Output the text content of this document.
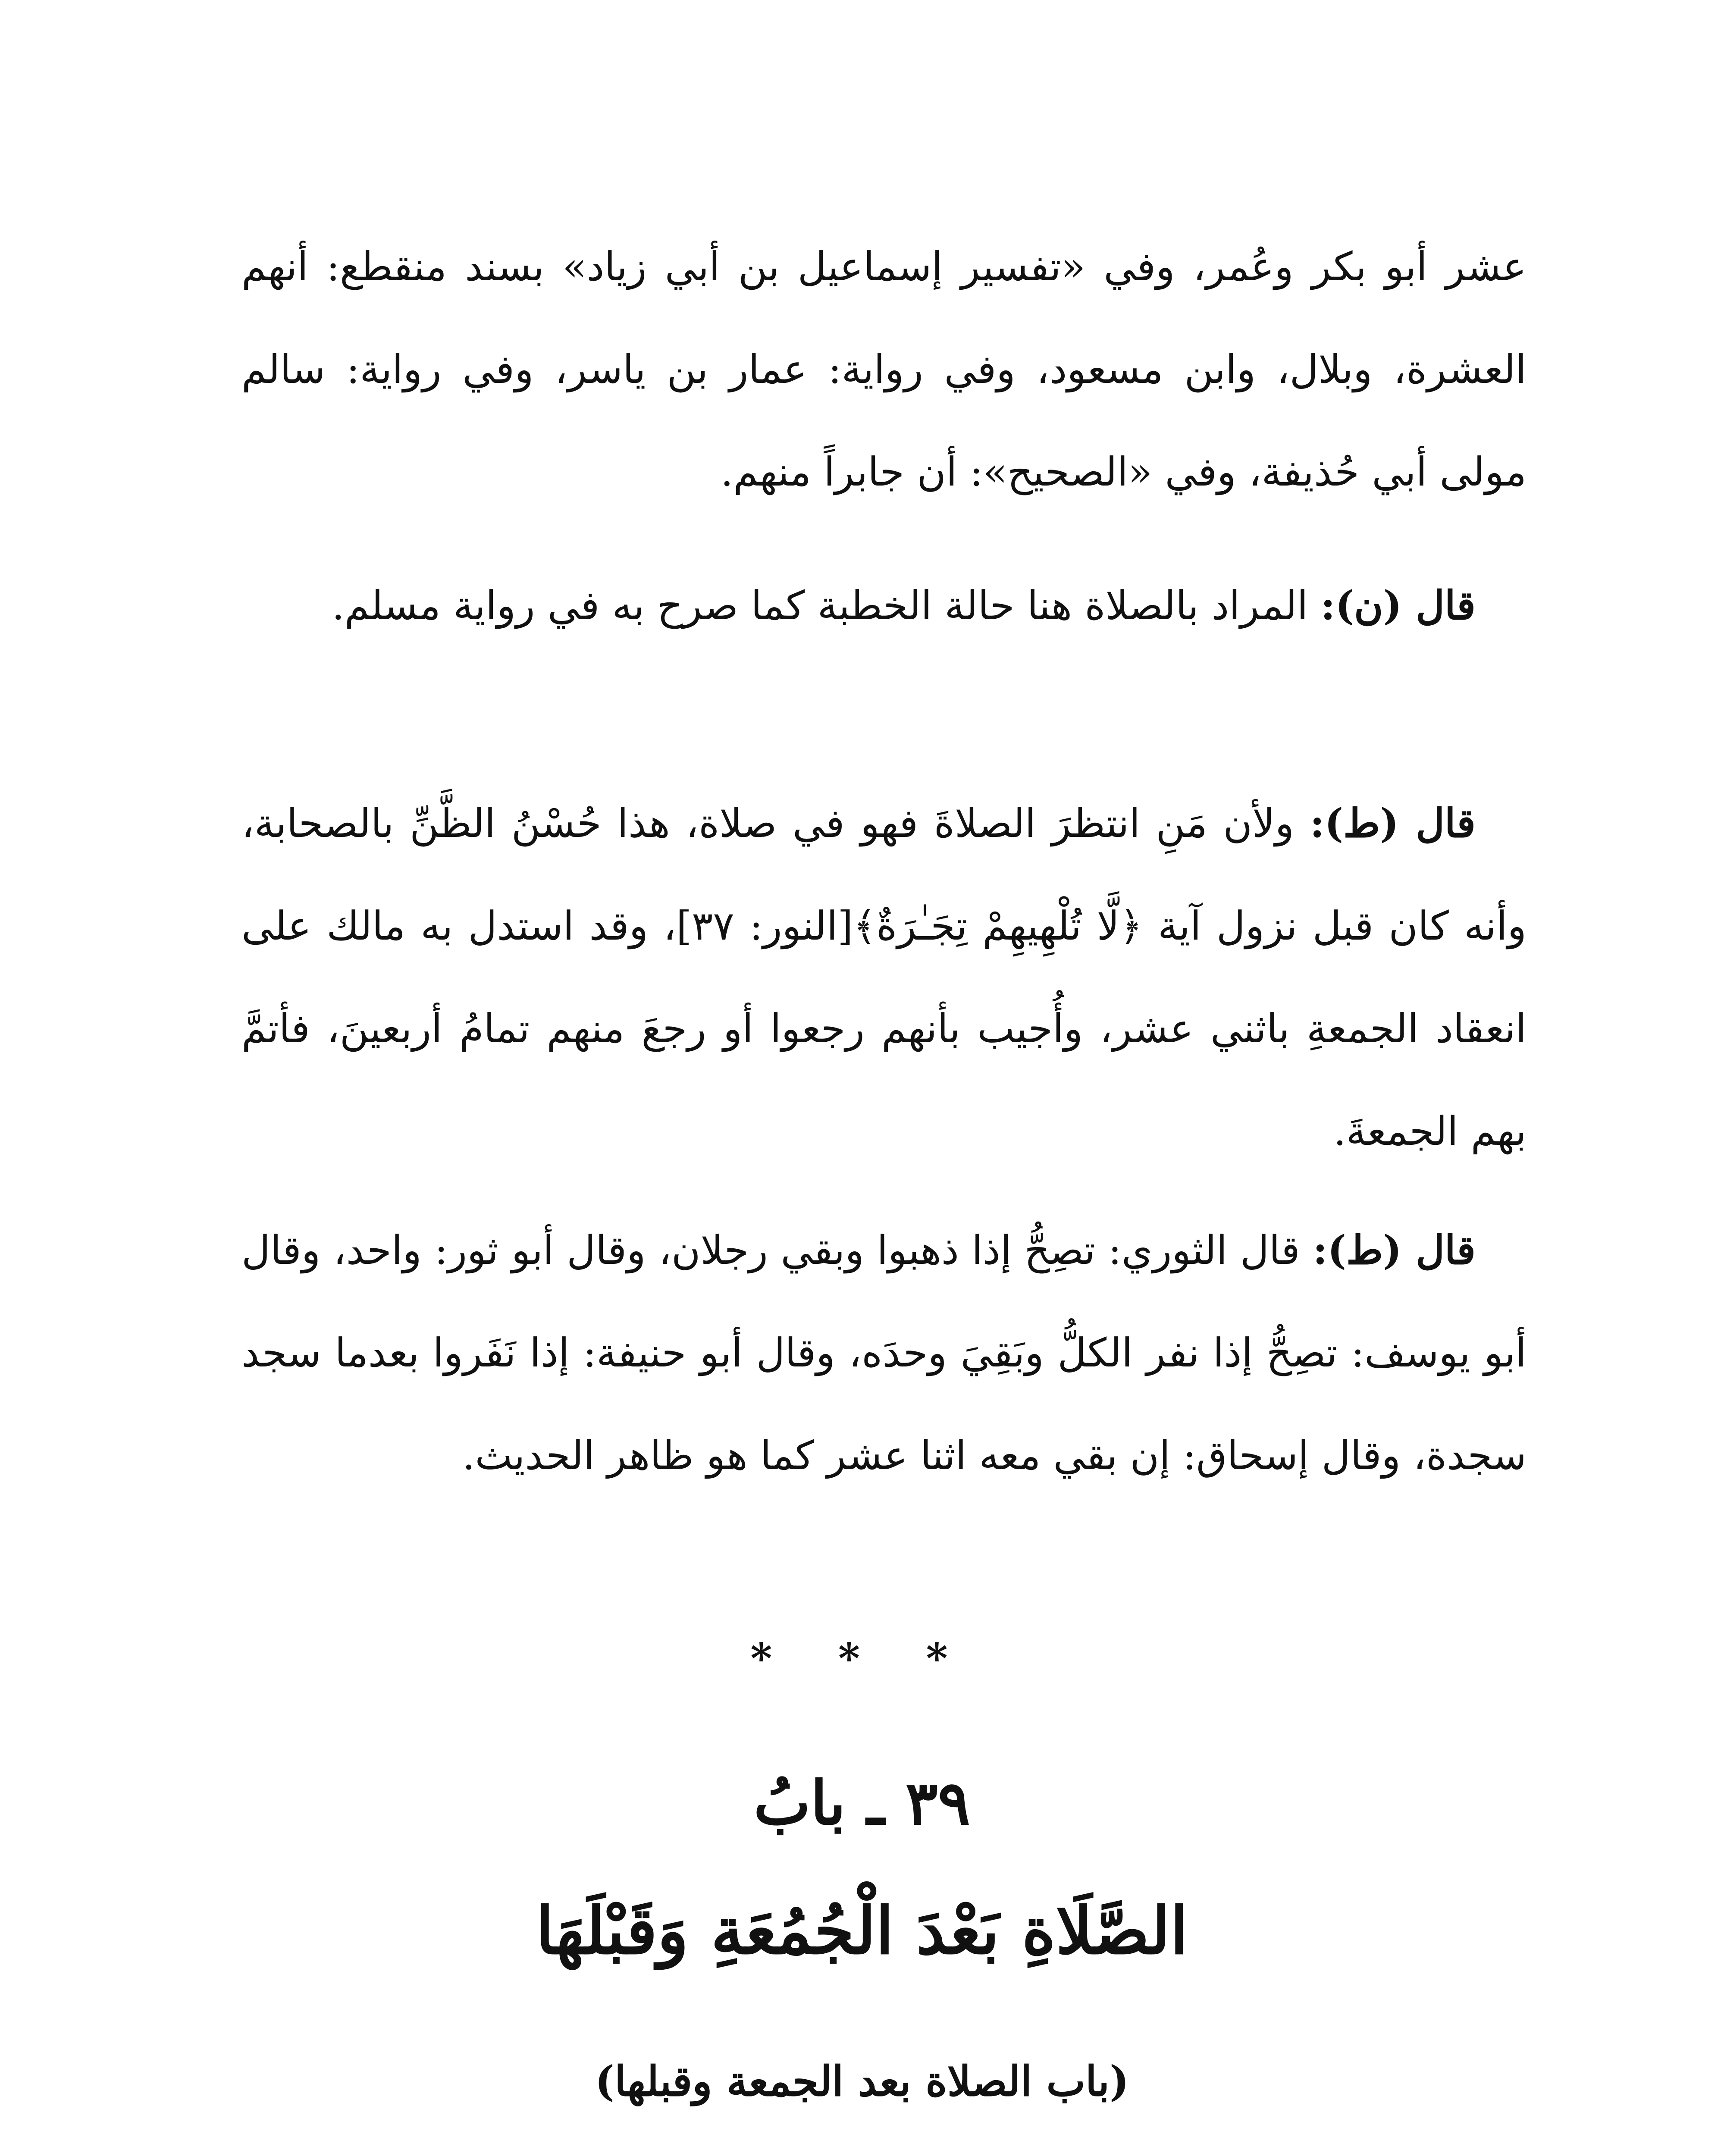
عشر أبو بكر وعُمر، وفي «تفسير إسماعيل بن أبي زياد» بسند منقطع: أنهم العشرة، وبلال، وابن مسعود، وفي رواية: عمار بن ياسر، وفي رواية: سالم مولى أبي حُذيفة، وفي «الصحيح»: أن جابراً منهم.

قال (ن): المراد بالصلاة هنا حالة الخطبة كما صرح به في رواية مسلم.

قال (ط): ولأن مَنِ انتظرَ الصلاةَ فهو في صلاة، هذا حُسْنُ الظَّنِّ بالصحابة، وأنه كان قبل نزول آية ﴿لَّا تُلْهِيهِمْ تِجَـٰرَةٌ﴾[النور: ٣٧]، وقد استدل به مالك على انعقاد الجمعةِ باثني عشر، وأُجيب بأنهم رجعوا أو رجعَ منهم تمامُ أربعينَ، فأتمَّ بهم الجمعةَ.

قال (ط): قال الثوري: تصِحُّ إذا ذهبوا وبقي رجلان، وقال أبو ثور: واحد، وقال أبو يوسف: تصِحُّ إذا نفر الكلُّ وبَقِيَ وحدَه، وقال أبو حنيفة: إذا نَفَروا بعدما سجد سجدة، وقال إسحاق: إن بقي معه اثنا عشر كما هو ظاهر الحديث.

* * *
٣٩ ـ بابُ
الصَّلَاةِ بَعْدَ الْجُمُعَةِ وَقَبْلَهَا
(باب الصلاة بعد الجمعة وقبلها)
